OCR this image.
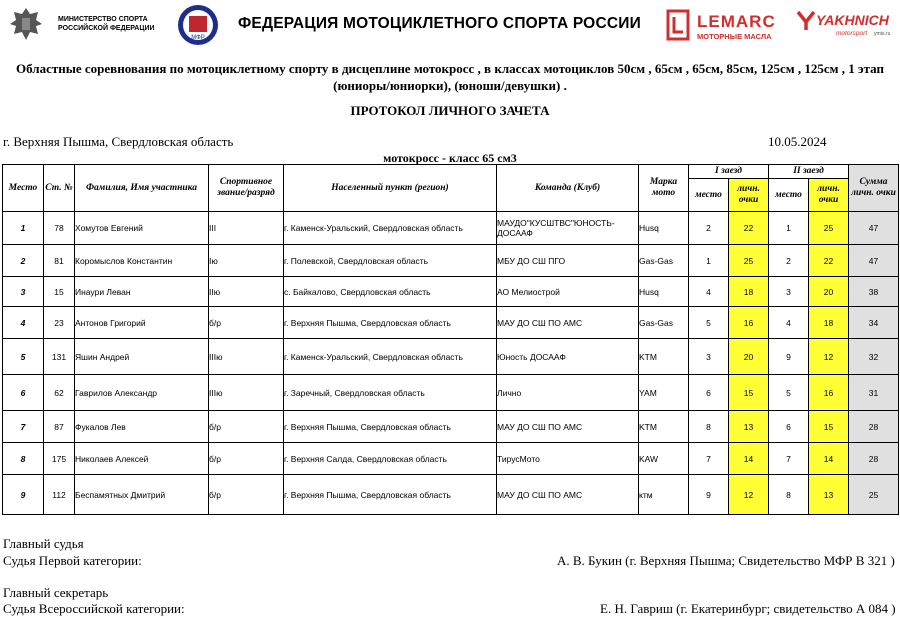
МИНИСТЕРСТВО СПОРТА
РОССИЙСКОЙ ФЕДЕРАЦИИ
МФР
ФЕДЕРАЦИЯ МОТОЦИКЛЕТНОГО СПОРТА РОССИИ	LEMARC
МОТОРНЫЕ МАСЛА
YAKHNICH
motorsport ymts.ru
Областные соревнования по мотоциклетному спорту в дисцеплине мотокросс , в классах мотоциклов 50см , 65см , 65см, 85см, 125см , 125см , 1 этап
(юниоры/юниорки), (юноши/девушки) .
ПРОТОКОЛ ЛИЧНОГО ЗАЧЕТА
г. Верхняя Пышма, Свердловская область	10.05.2024
мотокросс - класс 65 см3
Место	Ст. №	Фамилия, Имя участника	Спортивное звание/разряд	Населенный пункт (регион)	Команда (Клуб)	Марка мото	I заезд		II заезд		Сумма личн. очки
							место	личн. очки	место	личн. очки	
1	78	Хомутов Евгений	III	г. Каменск-Уральский, Свердловская область	МАУДО"КУСШТВС"ЮНОСТЬ-ДОСААФ	Husq	2	22	1	25	47
2	81	Коромыслов Константин	Iю	г. Полевской, Свердловская область	МБУ ДО СШ ПГО	Gas-Gas	1	25	2	22	47
3	15	Инаури Леван	IIю	с. Байкалово, Свердловская область	АО Мелиострой	Husq	4	18	3	20	38
4	23	Антонов Григорий	б/р	г. Верхняя Пышма, Свердловская область	МАУ ДО СШ ПО АМС	Gas-Gas	5	16	4	18	34
5	131	Яшин Андрей	IIIю	г. Каменск-Уральский, Свердловская область	Юность ДОСААФ	KTM	3	20	9	12	32
6	62	Гаврилов Александр	IIIю	г. Заречный, Свердловская область	Лично	YAM	6	15	5	16	31
7	87	Фукалов Лев	б/р	г. Верхняя Пышма, Свердловская область	МАУ ДО СШ ПО АМС	KTM	8	13	6	15	28
8	175	Николаев Алексей	б/р	г. Верхняя Салда, Свердловская область	ТирусМото	KAW	7	14	7	14	28
9	112	Беспамятных Дмитрий	б/р	г. Верхняя Пышма, Свердловская область	МАУ ДО СШ ПО АМС	ктм	9	12	8	13	25
Главный судья
Судья Первой категории:	А. В. Букин (г. Верхняя Пышма; Свидетельство МФР В 321 )
Главный секретарь
Судья Всероссийской категории:	Е. Н. Гавриш (г. Екатеринбург; свидетельство А 084 )
